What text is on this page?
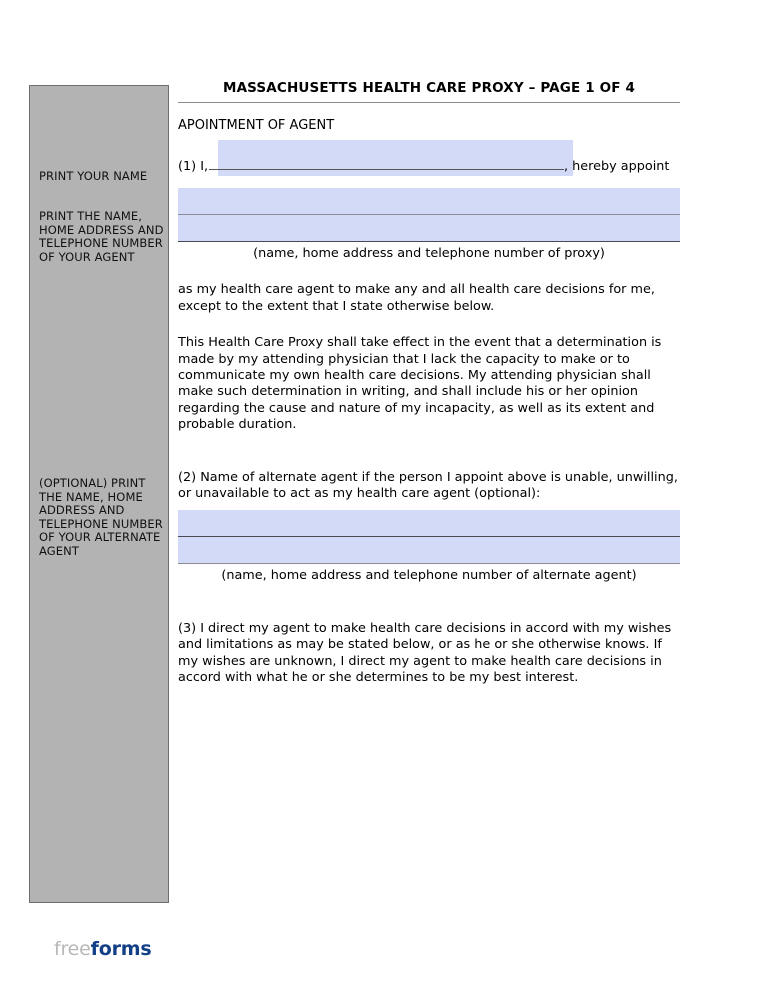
PRINT YOUR NAME
PRINT THE NAME, HOME ADDRESS AND TELEPHONE NUMBER OF YOUR AGENT
(OPTIONAL) PRINT THE NAME, HOME ADDRESS AND TELEPHONE NUMBER OF YOUR ALTERNATE AGENT
MASSACHUSETTS HEALTH CARE PROXY – PAGE 1 OF 4
APOINTMENT OF AGENT
(1) I,	, hereby appoint
(name, home address and telephone number of proxy)

as my health care agent to make any and all health care decisions for me, except to the extent that I state otherwise below.

This Health Care Proxy shall take effect in the event that a determination is made by my attending physician that I lack the capacity to make or to communicate my own health care decisions. My attending physician shall make such determination in writing, and shall include his or her opinion regarding the cause and nature of my incapacity, as well as its extent and probable duration.

(2) Name of alternate agent if the person I appoint above is unable, unwilling, or unavailable to act as my health care agent (optional):

(name, home address and telephone number of alternate agent)

(3) I direct my agent to make health care decisions in accord with my wishes and limitations as may be stated below, or as he or she otherwise knows. If my wishes are unknown, I direct my agent to make health care decisions in accord with what he or she determines to be my best interest.

freeforms
